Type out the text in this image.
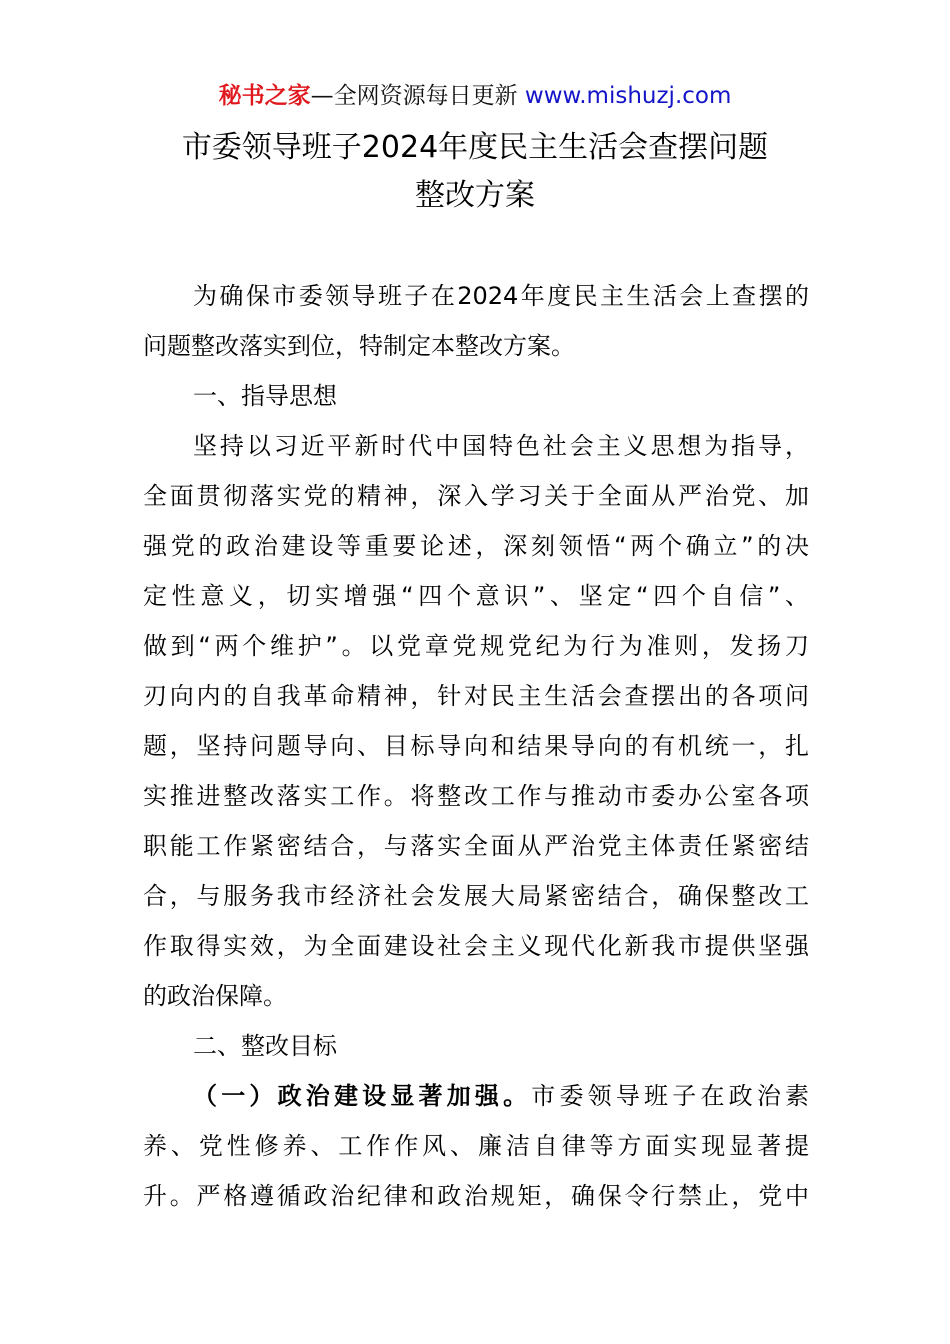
秘书之家—全网资源每日更新 www.mishuzj.com
市委领导班子2024年度民主生活会查摆问题
整改方案
为确保市委领导班子在2024年度民主生活会上查摆的
问题整改落实到位，特制定本整改方案。
一、指导思想
坚持以习近平新时代中国特色社会主义思想为指导，
全面贯彻落实党的精神，深入学习关于全面从严治党、加
强党的政治建设等重要论述，深刻领悟“两个确立”的决
定性意义，切实增强“四个意识”、坚定“四个自信”、
做到“两个维护”。以党章党规党纪为行为准则，发扬刀
刃向内的自我革命精神，针对民主生活会查摆出的各项问
题，坚持问题导向、目标导向和结果导向的有机统一，扎
实推进整改落实工作。将整改工作与推动市委办公室各项
职能工作紧密结合，与落实全面从严治党主体责任紧密结
合，与服务我市经济社会发展大局紧密结合，确保整改工
作取得实效，为全面建设社会主义现代化新我市提供坚强
的政治保障。
二、整改目标
（一）政治建设显著加强。市委领导班子在政治素
养、党性修养、工作作风、廉洁自律等方面实现显著提
升。严格遵循政治纪律和政治规矩，确保令行禁止，党中
